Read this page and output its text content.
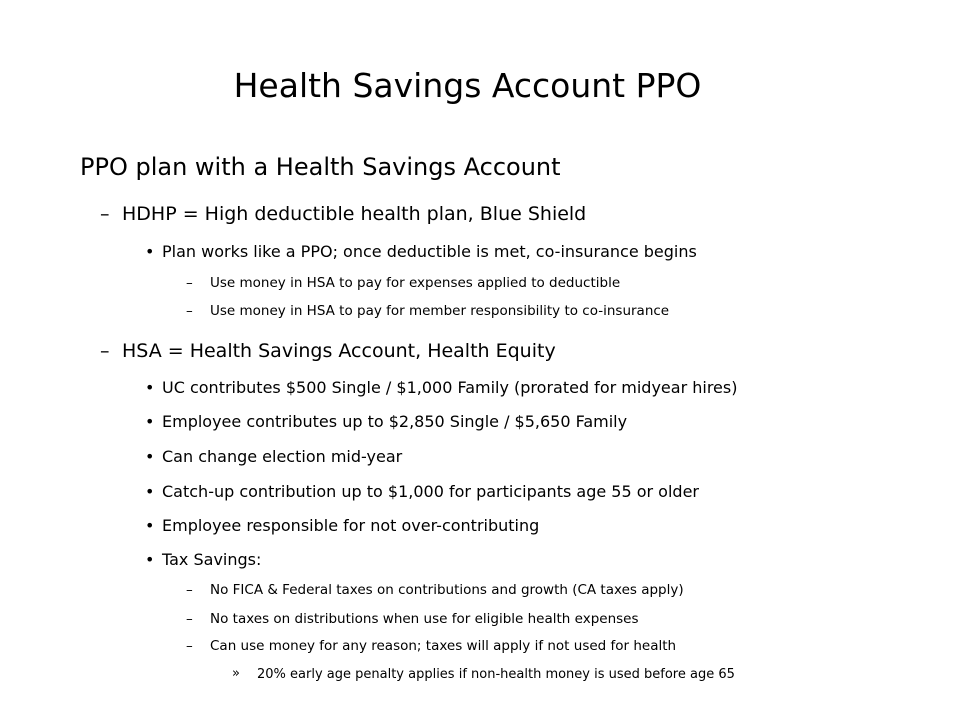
Health Savings Account PPO
PPO plan with a Health Savings Account
– HDHP = High deductible health plan, Blue Shield
• Plan works like a PPO; once deductible is met, co-insurance begins
– Use money in HSA to pay for expenses applied to deductible
– Use money in HSA to pay for member responsibility to co-insurance
– HSA = Health Savings Account, Health Equity
• UC contributes $500 Single / $1,000 Family (prorated for midyear hires)
• Employee contributes up to $2,850 Single / $5,650 Family
• Can change election mid-year
• Catch-up contribution up to $1,000 for participants age 55 or older
• Employee responsible for not over-contributing
• Tax Savings:
– No FICA & Federal taxes on contributions and growth (CA taxes apply)
– No taxes on distributions when use for eligible health expenses
– Can use money for any reason; taxes will apply if not used for health
» 20% early age penalty applies if non-health money is used before age 65
